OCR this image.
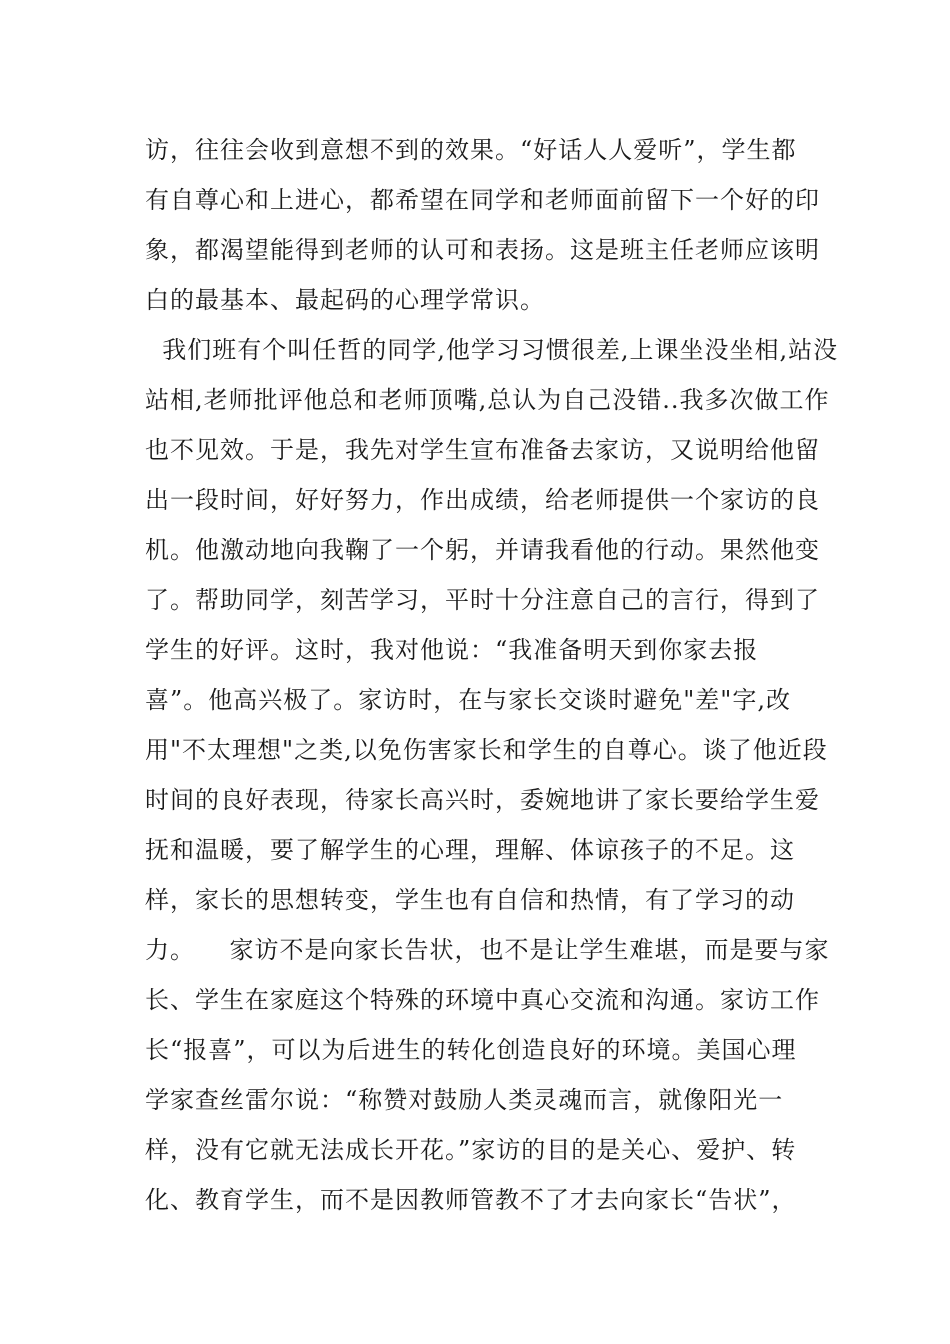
访，往往会收到意想不到的效果。“好话人人爱听”，学生都
有自尊心和上进心，都希望在同学和老师面前留下一个好的印
象，都渴望能得到老师的认可和表扬。这是班主任老师应该明
白的最基本、最起码的心理学常识。
我们班有个叫任哲的同学,他学习习惯很差,上课坐没坐相,站没
站相,老师批评他总和老师顶嘴,总认为自己没错..我多次做工作
也不见效。于是，我先对学生宣布准备去家访，又说明给他留
出一段时间，好好努力，作出成绩，给老师提供一个家访的良
机。他激动地向我鞠了一个躬，并请我看他的行动。果然他变
了。帮助同学，刻苦学习，平时十分注意自己的言行，得到了
学生的好评。这时，我对他说：“我准备明天到你家去报
喜”。他高兴极了。家访时，在与家长交谈时避免"差"字,改
用"不太理想"之类,以免伤害家长和学生的自尊心。谈了他近段
时间的良好表现，待家长高兴时，委婉地讲了家长要给学生爱
抚和温暖，要了解学生的心理，理解、体谅孩子的不足。这
样，家长的思想转变，学生也有自信和热情，有了学习的动
力。    家访不是向家长告状，也不是让学生难堪，而是要与家
长、学生在家庭这个特殊的环境中真心交流和沟通。家访工作
长“报喜”，可以为后进生的转化创造良好的环境。美国心理
学家查丝雷尔说：“称赞对鼓励人类灵魂而言，就像阳光一
样，没有它就无法成长开花。”家访的目的是关心、爱护、转
化、教育学生，而不是因教师管教不了才去向家长“告状”，
